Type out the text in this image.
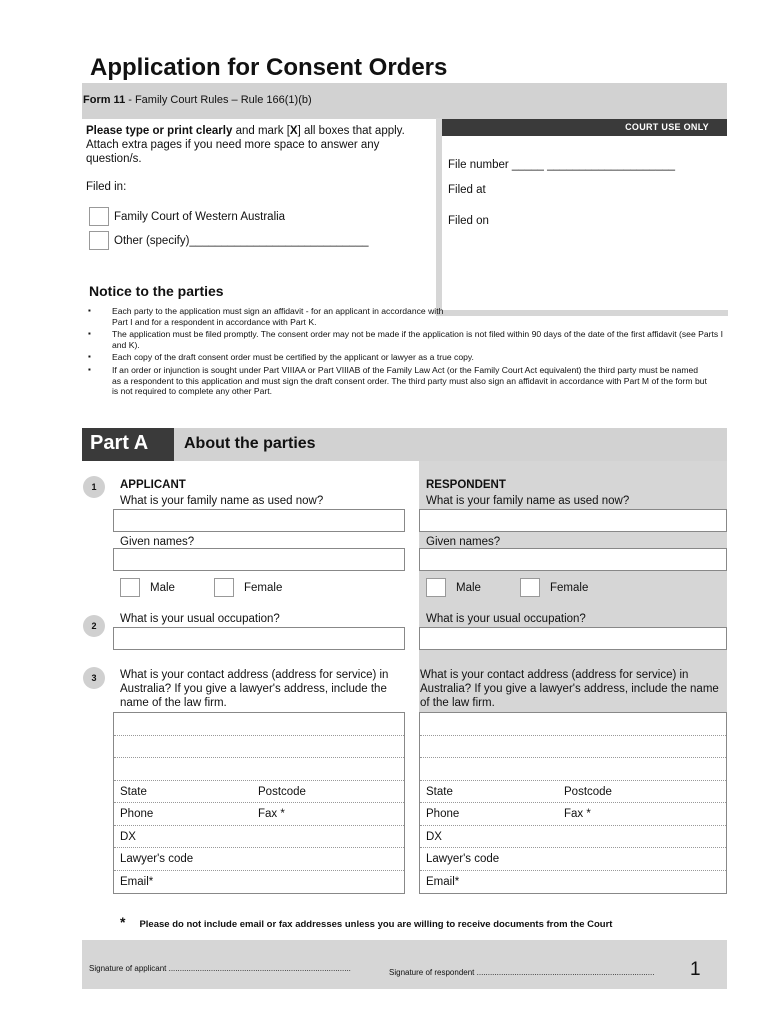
Application for Consent Orders
Form 11 - Family Court Rules – Rule 166(1)(b)
Please type or print clearly and mark [X] all boxes that apply. Attach extra pages if you need more space to answer any question/s.
Filed in:
Family Court of Western Australia
Other (specify)____________________________
COURT USE ONLY
File number _____ ____________________
Filed at
Filed on
Notice to the parties
▪ Each party to the application must sign an affidavit - for an applicant in accordance with Part I and for a respondent in accordance with Part K.
▪ The application must be filed promptly. The consent order may not be made if the application is not filed within 90 days of the date of the first affidavit (see Parts I and K).
▪ Each copy of the draft consent order must be certified by the applicant or lawyer as a true copy.
▪ If an order or injunction is sought under Part VIIIAA or Part VIIIAB of the Family Law Act (or the Family Court Act equivalent) the third party must be named as a respondent to this application and must sign the draft consent order. The third party must also sign an affidavit in accordance with Part M of the form but is not required to complete any other Part.
Part A	About the parties
1
2
3
APPLICANT
What is your family name as used now?
Given names?
Male	Female
What is your usual occupation?
What is your contact address (address for service) in Australia? If you give a lawyer's address, include the name of the law firm.
State	Postcode
Phone	Fax *
DX
Lawyer's code
Email*
RESPONDENT
What is your family name as used now?
Given names?
Male	Female
What is your usual occupation?
What is your contact address (address for service) in Australia? If you give a lawyer's address, include the name of the law firm.
State	Postcode
Phone	Fax *
DX
Lawyer's code
Email*
* Please do not include email or fax addresses unless you are willing to receive documents from the Court
Signature of applicant ..................................................................................	Signature of respondent ................................................................................ 1
